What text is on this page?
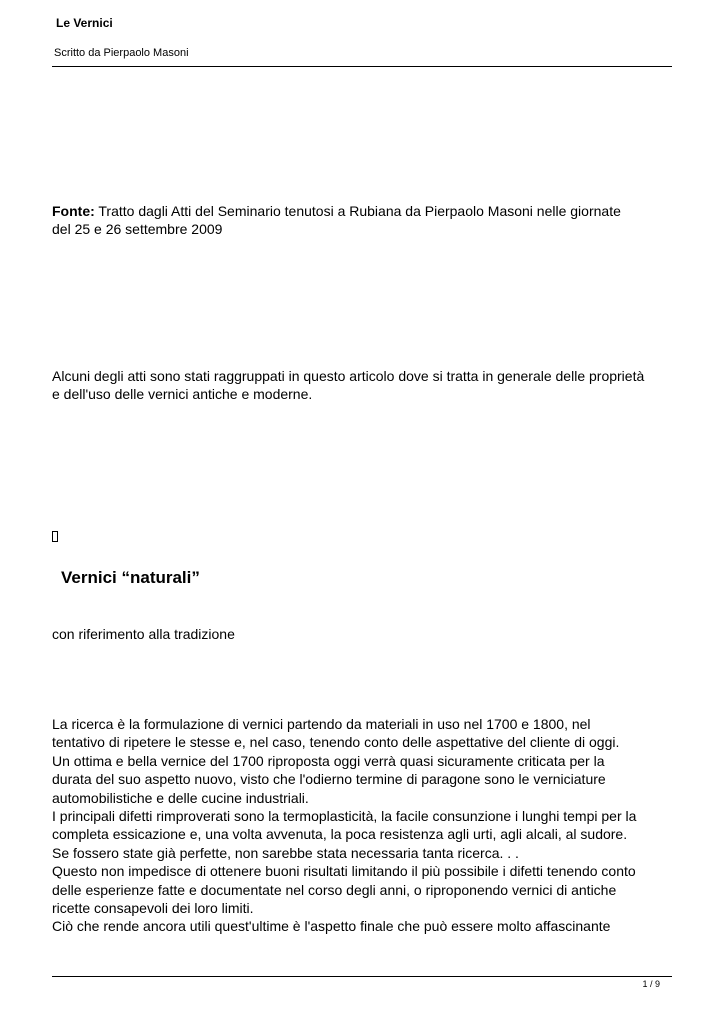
Le Vernici
Scritto da Pierpaolo Masoni
Fonte: Tratto dagli Atti del Seminario tenutosi a Rubiana da Pierpaolo Masoni nelle giornate
del 25 e 26 settembre 2009
Alcuni degli atti sono stati raggruppati in questo articolo dove si tratta in generale delle proprietà
e dell'uso delle vernici antiche e moderne.
Vernici “naturali”
con riferimento alla tradizione
La ricerca è la formulazione di vernici partendo da materiali in uso nel 1700 e 1800, nel
tentativo di ripetere le stesse e, nel caso, tenendo conto delle aspettative del cliente di oggi.
Un ottima e bella vernice del 1700 riproposta oggi verrà quasi sicuramente criticata per la
durata del suo aspetto nuovo, visto che l'odierno termine di paragone sono le verniciature
automobilistiche e delle cucine industriali.
I principali difetti rimproverati sono la termoplasticità, la facile consunzione i lunghi tempi per la
completa essicazione e, una volta avvenuta, la poca resistenza agli urti, agli alcali, al sudore.
Se fossero state già perfette, non sarebbe stata necessaria tanta ricerca. . .
Questo non impedisce di ottenere buoni risultati limitando il più possibile i difetti tenendo conto
delle esperienze fatte e documentate nel corso degli anni, o riproponendo vernici di antiche
ricette consapevoli dei loro limiti.
Ciò che rende ancora utili quest'ultime è l'aspetto finale che può essere molto affascinante
1 / 9
